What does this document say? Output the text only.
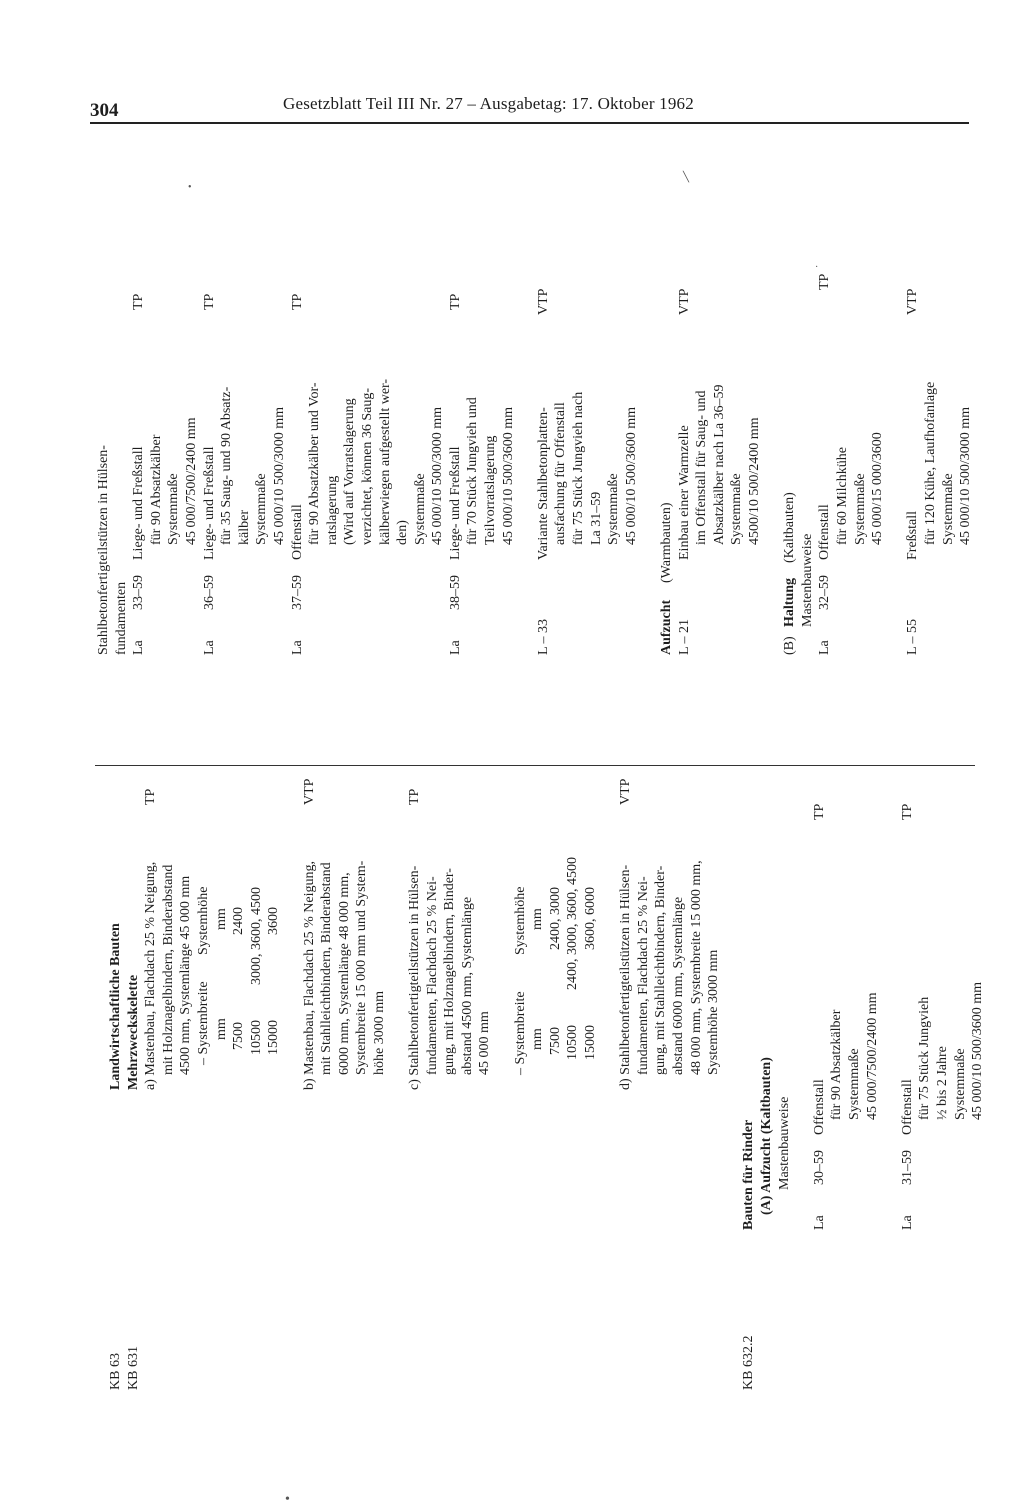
304	Gesetzblatt Teil III Nr. 27 – Ausgabetag: 17. Oktober 1962
•
╲
·
•
KB 63
Landwirtschaftliche Bauten
KB 631
Mehrzweckskelette a) Mastenbau, Flachdach 25 % Neigung,
TP
mit Holznagelbindern, Binderabstand 4500 mm, Systemlänge 45 000 mm – Systembreite
Systemhöhe
mm
mm
7500
2400
10500
3000, 3600, 4500
15000
3600 b) Mastenbau, Flachdach 25 % Neigung,
VTP
mit Stahlleichtbindern, Binderabstand 6000 mm, Systemlänge 48 000 mm, Systembreite 15 000 mm und System- höhe 3000 mm c) Stahlbetonfertigteilstützen in Hülsen-
TP
fundamenten, Flachdach 25 % Nei- gung, mit Holznagelbindern, Binder- abstand 4500 mm, Systemlänge 45 000 mm – Systembreite
Systemhöhe
mm
mm
7500
2400, 3000
10500
2400, 3000, 3600, 4500
15000
3600, 6000 d) Stahlbetonfertigteilstützen in Hülsen-
VTP
fundamenten, Flachdach 25 % Nei- gung, mit Stahlleichtbindern, Binder- abstand 6000 mm, Systemlänge 48 000 mm, Systembreite 15 000 mm, Systemhöhe 3000 mm
KB 632.2
Bauten für Rinder (A) Aufzucht (Kaltbauten) Mastenbauweise
La
30–59
Offenstall
TP
für 90 Absatzkälber Systemmaße 45 000/7500/2400 mm
La
31–59
Offenstall
TP
für 75 Stück Jungvieh ½ bis 2 Jahre Systemmaße 45 000/10 500/3600 mm
Stahlbetonfertigteilstützen in Hülsen- fundamenten La
33–59
Liege- und Freßstall
TP
für 90 Absatzkälber Systemmaße 45 000/7500/2400 mm
La
36–59
Liege- und Freßstall
TP
für 35 Saug- und 90 Absatz- kälber Systemmaße 45 000/10 500/3000 mm
La
37–59
Offenstall
TP
für 90 Absatzkälber und Vor- ratslagerung (Wird auf Vorratslagerung verzichtet, können 36 Saug- kälberwiegen aufgestellt wer- den) Systemmaße 45 000/10 500/3000 mm
La
38–59
Liege- und Freßstall
TP
für 70 Stück Jungvieh und Teilvorratslagerung 45 000/10 500/3600 mm
L – 33
Variante Stahlbetonplatten-
VTP
ausfachung für Offenstall für 75 Stück Jungvieh nach La 31–59 Systemmaße 45 000/10 500/3600 mm
Aufzucht
(Warmbauten)
L – 21
Einbau einer Warmzelle
VTP
im Offenstall für Saug- und Absatzkälber nach La 36–59 Systemmaße 4500/10 500/2400 mm
(B)
Haltung
(Kaltbauten)
Mastenbauweise
La
32–59
Offenstall
TP
für 60 Milchkühe Systemmaße 45 000/15 000/3600
L – 55
Freßstall
VTP
für 120 Kühe, Laufhofanlage Systemmaße 45 000/10 500/3000 mm
